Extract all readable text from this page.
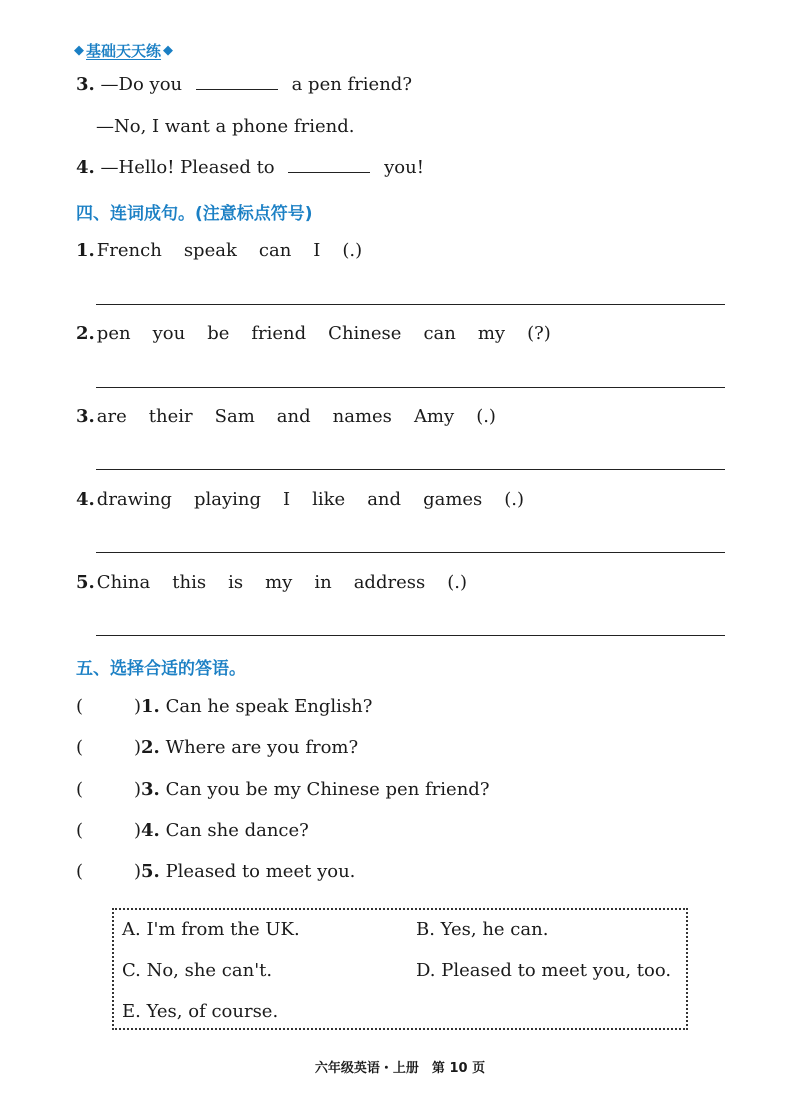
◆ 基础天天练 ◆
3. —Do you	a pen friend?
—No, I want a phone friend.
4. —Hello! Pleased to	you!
四、连词成句。(注意标点符号)
1. French speak can I (.)
2. pen you be friend Chinese can my (?)
3. are their Sam and names Amy (.)
4. drawing playing I like and games (.)
5. China this is my in address (.)
五、选择合适的答语。
(	)1. Can he speak English?
(	)2. Where are you from?
(	)3. Can you be my Chinese pen friend?
(	)4. Can she dance?
(	)5. Pleased to meet you.
A. I'm from the UK.	B. Yes, he can.
C. No, she can't.	D. Pleased to meet you, too.
E. Yes, of course.
六年级英语・上册　第 10 页
